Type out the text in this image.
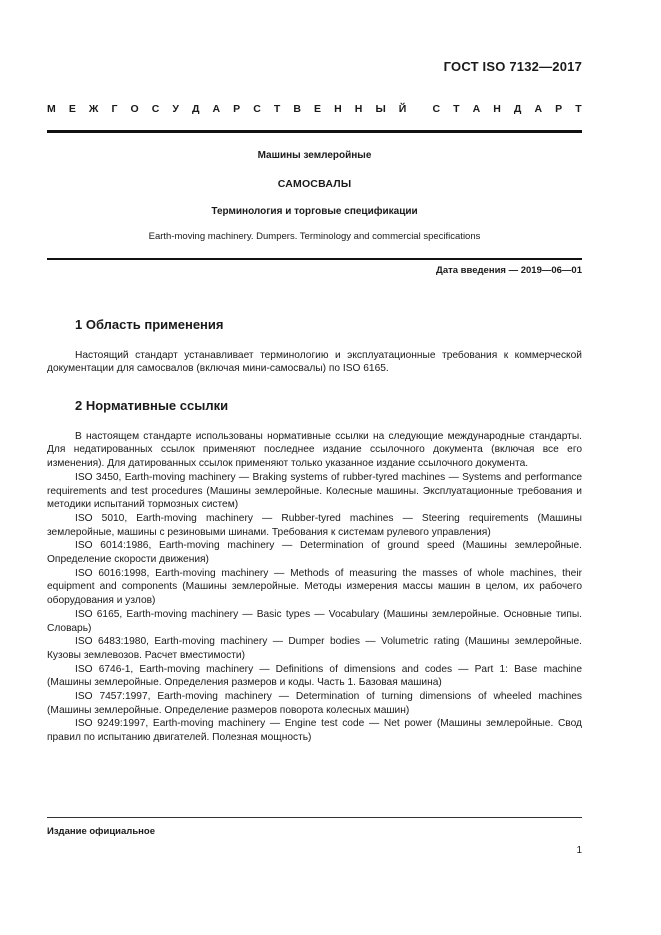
ГОСТ ISO 7132—2017
М Е Ж Г О С У Д А Р С Т В Е Н Н Ы Й С Т А Н Д А Р Т
Машины землеройные
САМОСВАЛЫ
Терминология и торговые спецификации
Earth-moving machinery. Dumpers. Terminology and commercial specifications
Дата введения — 2019—06—01
1 Область применения

Настоящий стандарт устанавливает терминологию и эксплуатационные требования к коммерческой документации для самосвалов (включая мини-самосвалы) по ISO 6165.

2 Нормативные ссылки

В настоящем стандарте использованы нормативные ссылки на следующие международные стандарты. Для недатированных ссылок применяют последнее издание ссылочного документа (включая все его изменения). Для датированных ссылок применяют только указанное издание ссылочного документа.

ISO 3450, Earth-moving machinery — Braking systems of rubber-tyred machines — Systems and performance requirements and test procedures (Машины землеройные. Колесные машины. Эксплуатационные требования и методики испытаний тормозных систем)

ISO 5010, Earth-moving machinery — Rubber-tyred machines — Steering requirements (Машины землеройные, машины с резиновыми шинами. Требования к системам рулевого управления)

ISO 6014:1986, Earth-moving machinery — Determination of ground speed (Машины землеройные. Определение скорости движения)

ISO 6016:1998, Earth-moving machinery — Methods of measuring the masses of whole machines, their equipment and components (Машины землеройные. Методы измерения массы машин в целом, их рабочего оборудования и узлов)

ISO 6165, Earth-moving machinery — Basic types — Vocabulary (Машины землеройные. Основные типы. Словарь)

ISO 6483:1980, Earth-moving machinery — Dumper bodies — Volumetric rating (Машины землеройные. Кузовы землевозов. Расчет вместимости)

ISO 6746-1, Earth-moving machinery — Definitions of dimensions and codes — Part 1: Base machine (Машины землеройные. Определения размеров и коды. Часть 1. Базовая машина)

ISO 7457:1997, Earth-moving machinery — Determination of turning dimensions of wheeled machines (Машины землеройные. Определение размеров поворота колесных машин)

ISO 9249:1997, Earth-moving machinery — Engine test code — Net power (Машины землеройные. Свод правил по испытанию двигателей. Полезная мощность)

Издание официальное
1
